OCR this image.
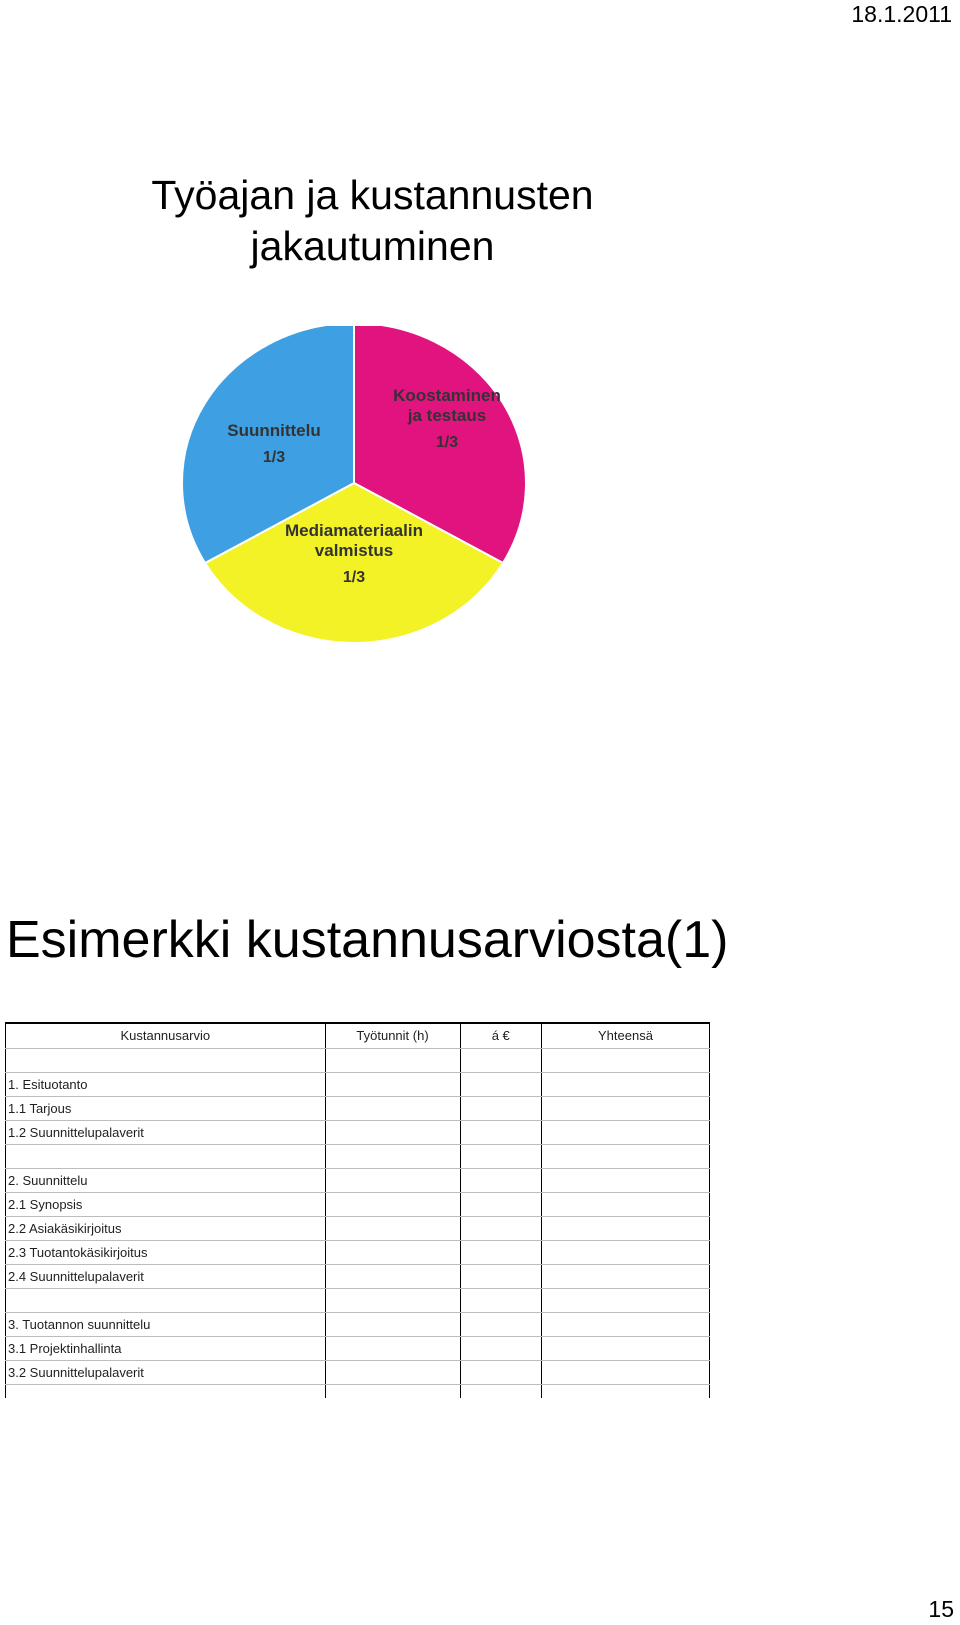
18.1.2011
Työajan ja kustannusten
jakautuminen
Koostaminen ja testaus
1/3
Mediamateriaalin valmistus
1/3
Suunnittelu
1/3
Esimerkki kustannusarviosta(1)
Kustannusarvio	Työtunnit (h)	á €	Yhteensä

1. Esituotanto			
1.1 Tarjous			
1.2 Suunnittelupalaverit			

2. Suunnittelu			
2.1 Synopsis			
2.2 Asiakäsikirjoitus			
2.3 Tuotantokäsikirjoitus			
2.4 Suunnittelupalaverit			

3. Tuotannon suunnittelu			
3.1 Projektinhallinta			
3.2 Suunnittelupalaverit			

15
